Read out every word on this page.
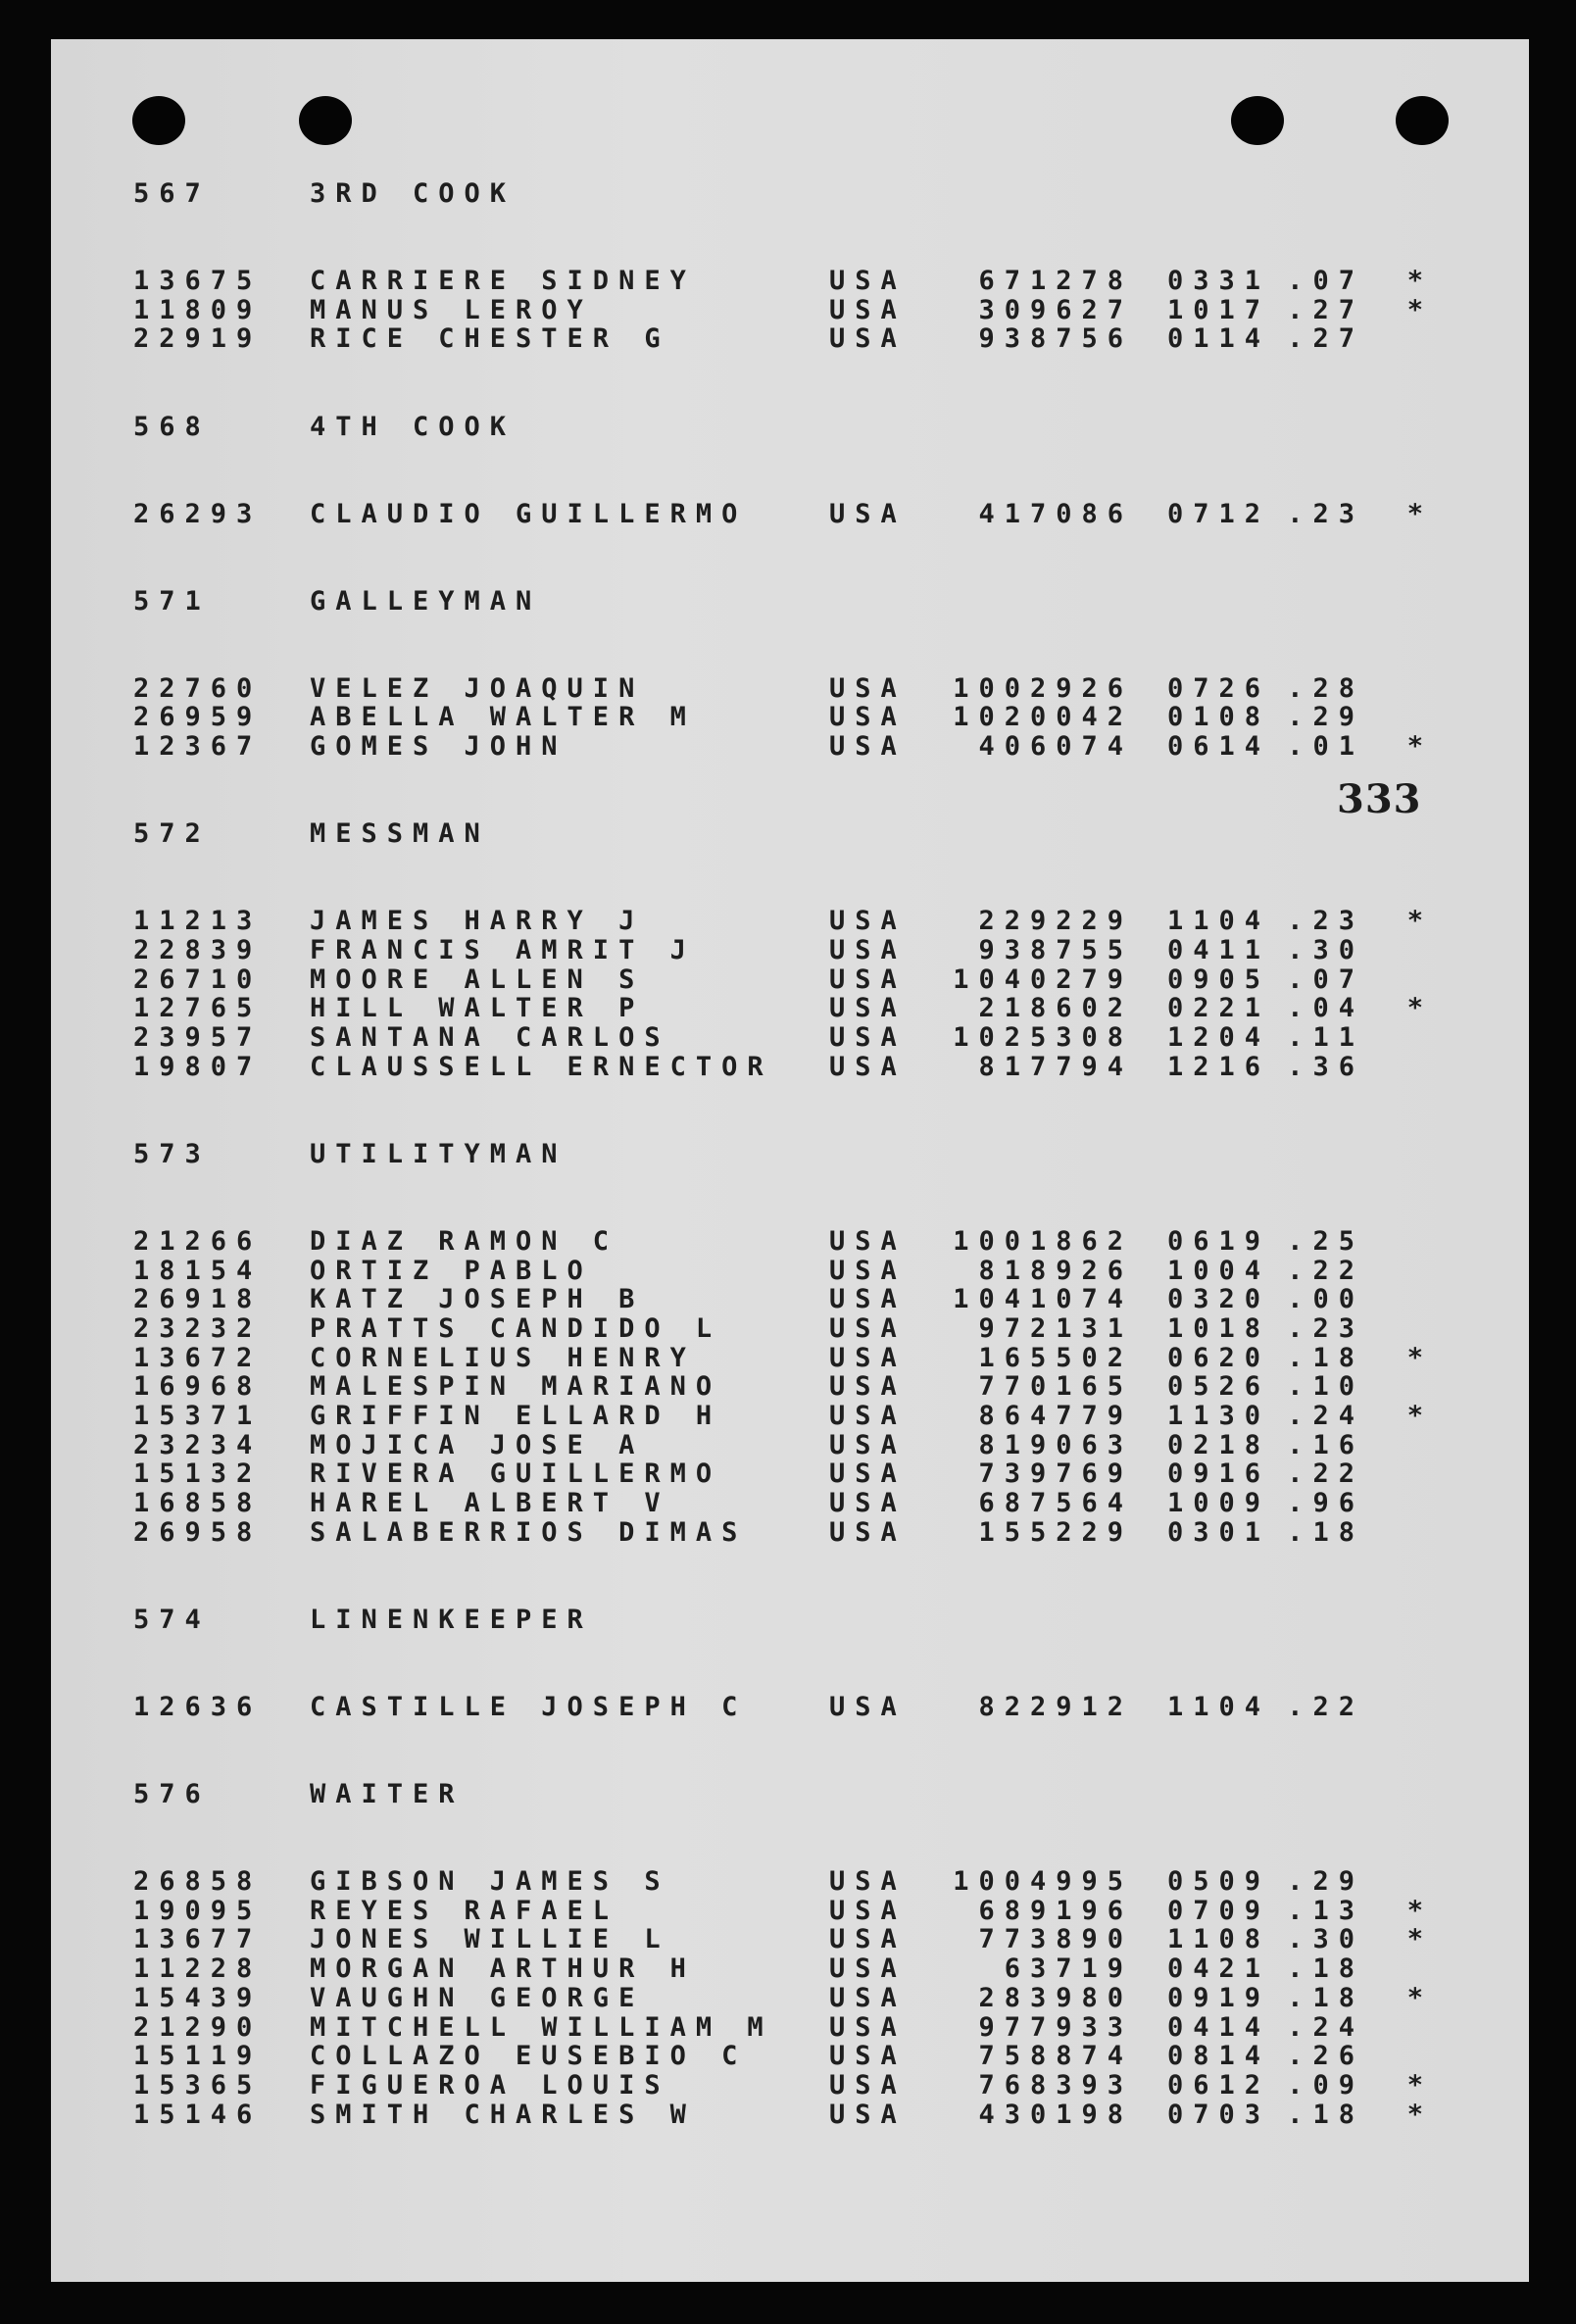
333
567	3RD COOK
13675	CARRIERE SIDNEY	USA	671278	0331 .07	*
11809	MANUS LEROY	USA	309627	1017 .27	*
22919	RICE CHESTER G	USA	938756	0114 .27
568	4TH COOK
26293	CLAUDIO GUILLERMO	USA	417086	0712 .23	*
571	GALLEYMAN
22760	VELEZ JOAQUIN	USA	1002926	0726 .28
26959	ABELLA WALTER M	USA	1020042	0108 .29
12367	GOMES JOHN	USA	406074	0614 .01	*
572	MESSMAN
11213	JAMES HARRY J	USA	229229	1104 .23	*
22839	FRANCIS AMRIT J	USA	938755	0411 .30
26710	MOORE ALLEN S	USA	1040279	0905 .07
12765	HILL WALTER P	USA	218602	0221 .04	*
23957	SANTANA CARLOS	USA	1025308	1204 .11
19807	CLAUSSELL ERNECTOR	USA	817794	1216 .36
573	UTILITYMAN
21266	DIAZ RAMON C	USA	1001862	0619 .25
18154	ORTIZ PABLO	USA	818926	1004 .22
26918	KATZ JOSEPH B	USA	1041074	0320 .00
23232	PRATTS CANDIDO L	USA	972131	1018 .23
13672	CORNELIUS HENRY	USA	165502	0620 .18	*
16968	MALESPIN MARIANO	USA	770165	0526 .10
15371	GRIFFIN ELLARD H	USA	864779	1130 .24	*
23234	MOJICA JOSE A	USA	819063	0218 .16
15132	RIVERA GUILLERMO	USA	739769	0916 .22
16858	HAREL ALBERT V	USA	687564	1009 .96
26958	SALABERRIOS DIMAS	USA	155229	0301 .18
574	LINENKEEPER
12636	CASTILLE JOSEPH C	USA	822912	1104 .22
576	WAITER
26858	GIBSON JAMES S	USA	1004995	0509 .29
19095	REYES RAFAEL	USA	689196	0709 .13	*
13677	JONES WILLIE L	USA	773890	1108 .30	*
11228	MORGAN ARTHUR H	USA	63719	0421 .18
15439	VAUGHN GEORGE	USA	283980	0919 .18	*
21290	MITCHELL WILLIAM M	USA	977933	0414 .24
15119	COLLAZO EUSEBIO C	USA	758874	0814 .26
15365	FIGUEROA LOUIS	USA	768393	0612 .09	*
15146	SMITH CHARLES W	USA	430198	0703 .18	*
